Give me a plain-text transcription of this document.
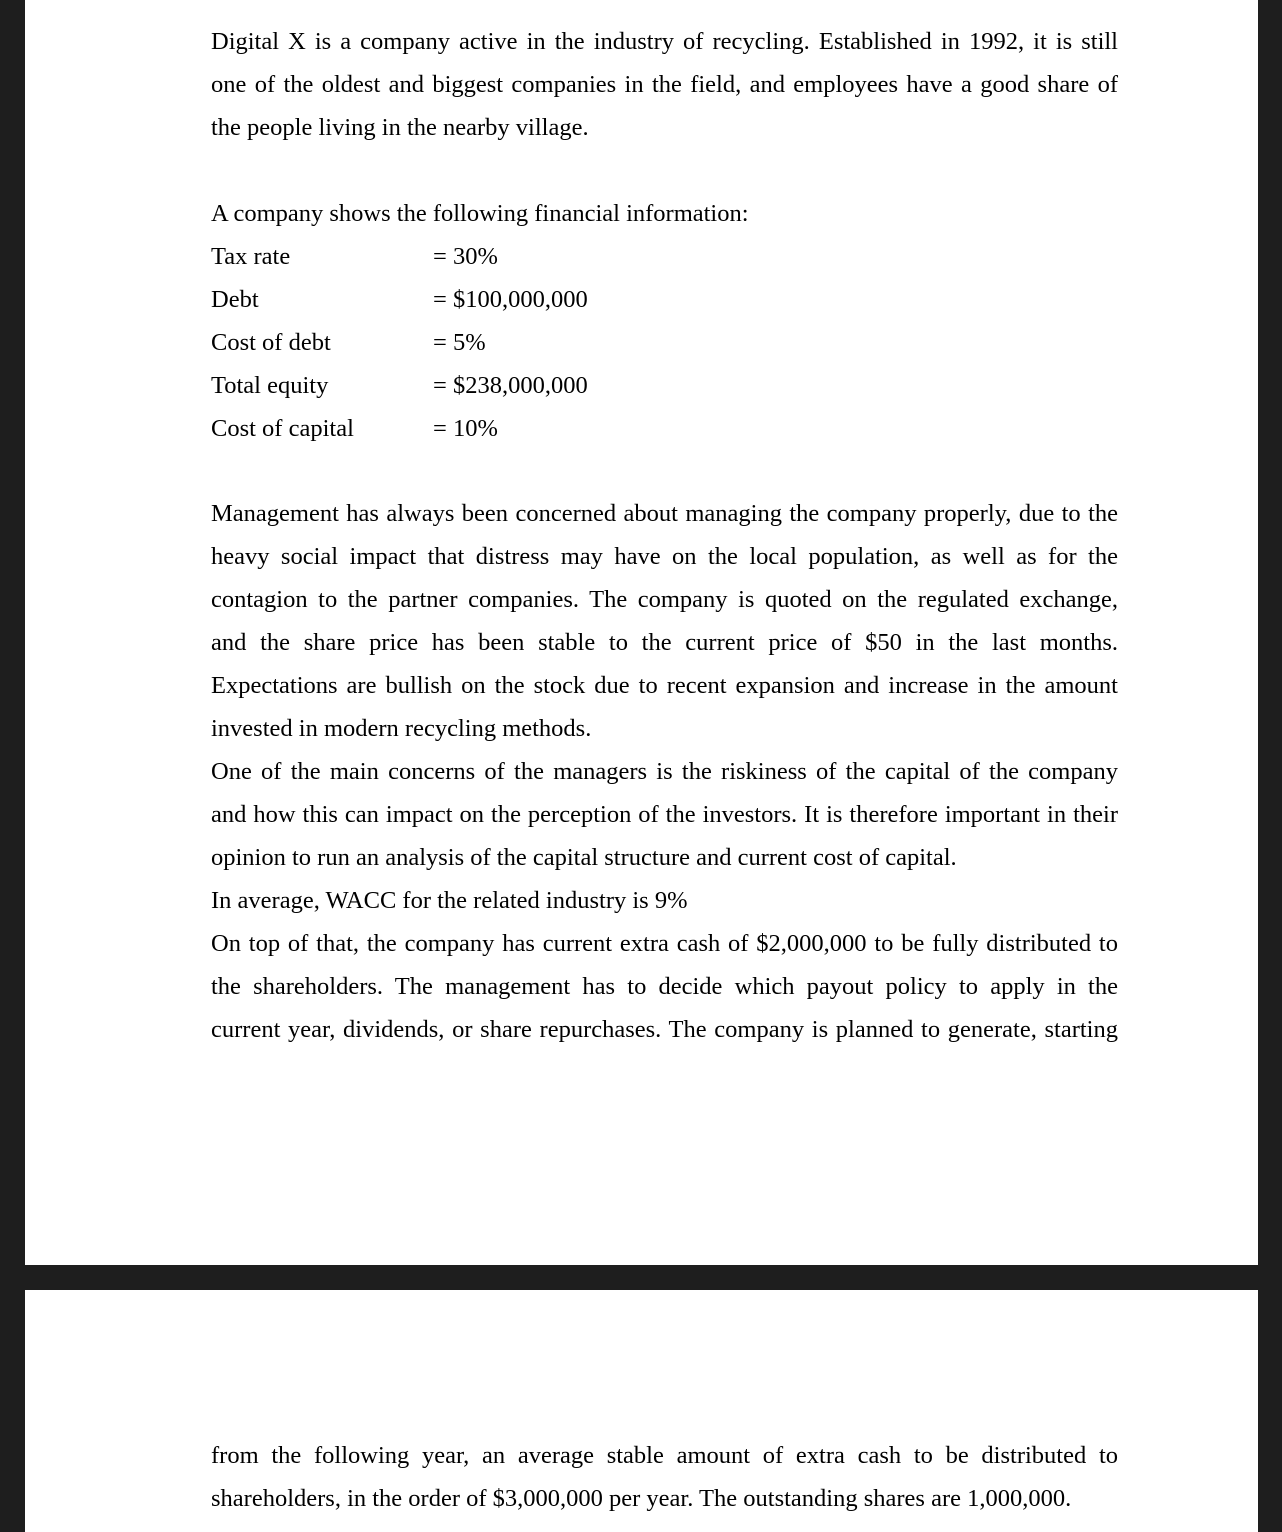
Digital X is a company active in the industry of recycling. Established in 1992, it is still
one of the oldest and biggest companies in the field, and employees have a good share of
the people living in the nearby village.
A company shows the following financial information:
Tax rate	= 30%
Debt	= $100,000,000
Cost of debt	= 5%
Total equity	= $238,000,000
Cost of capital	= 10%
Management has always been concerned about managing the company properly, due to the
heavy social impact that distress may have on the local population, as well as for the
contagion to the partner companies. The company is quoted on the regulated exchange,
and the share price has been stable to the current price of $50 in the last months.
Expectations are bullish on the stock due to recent expansion and increase in the amount
invested in modern recycling methods.
One of the main concerns of the managers is the riskiness of the capital of the company
and how this can impact on the perception of the investors. It is therefore important in their
opinion to run an analysis of the capital structure and current cost of capital.
In average, WACC for the related industry is 9%
On top of that, the company has current extra cash of $2,000,000 to be fully distributed to
the shareholders. The management has to decide which payout policy to apply in the
current year, dividends, or share repurchases. The company is planned to generate, starting
from the following year, an average stable amount of extra cash to be distributed to
shareholders, in the order of $3,000,000 per year. The outstanding shares are 1,000,000.
